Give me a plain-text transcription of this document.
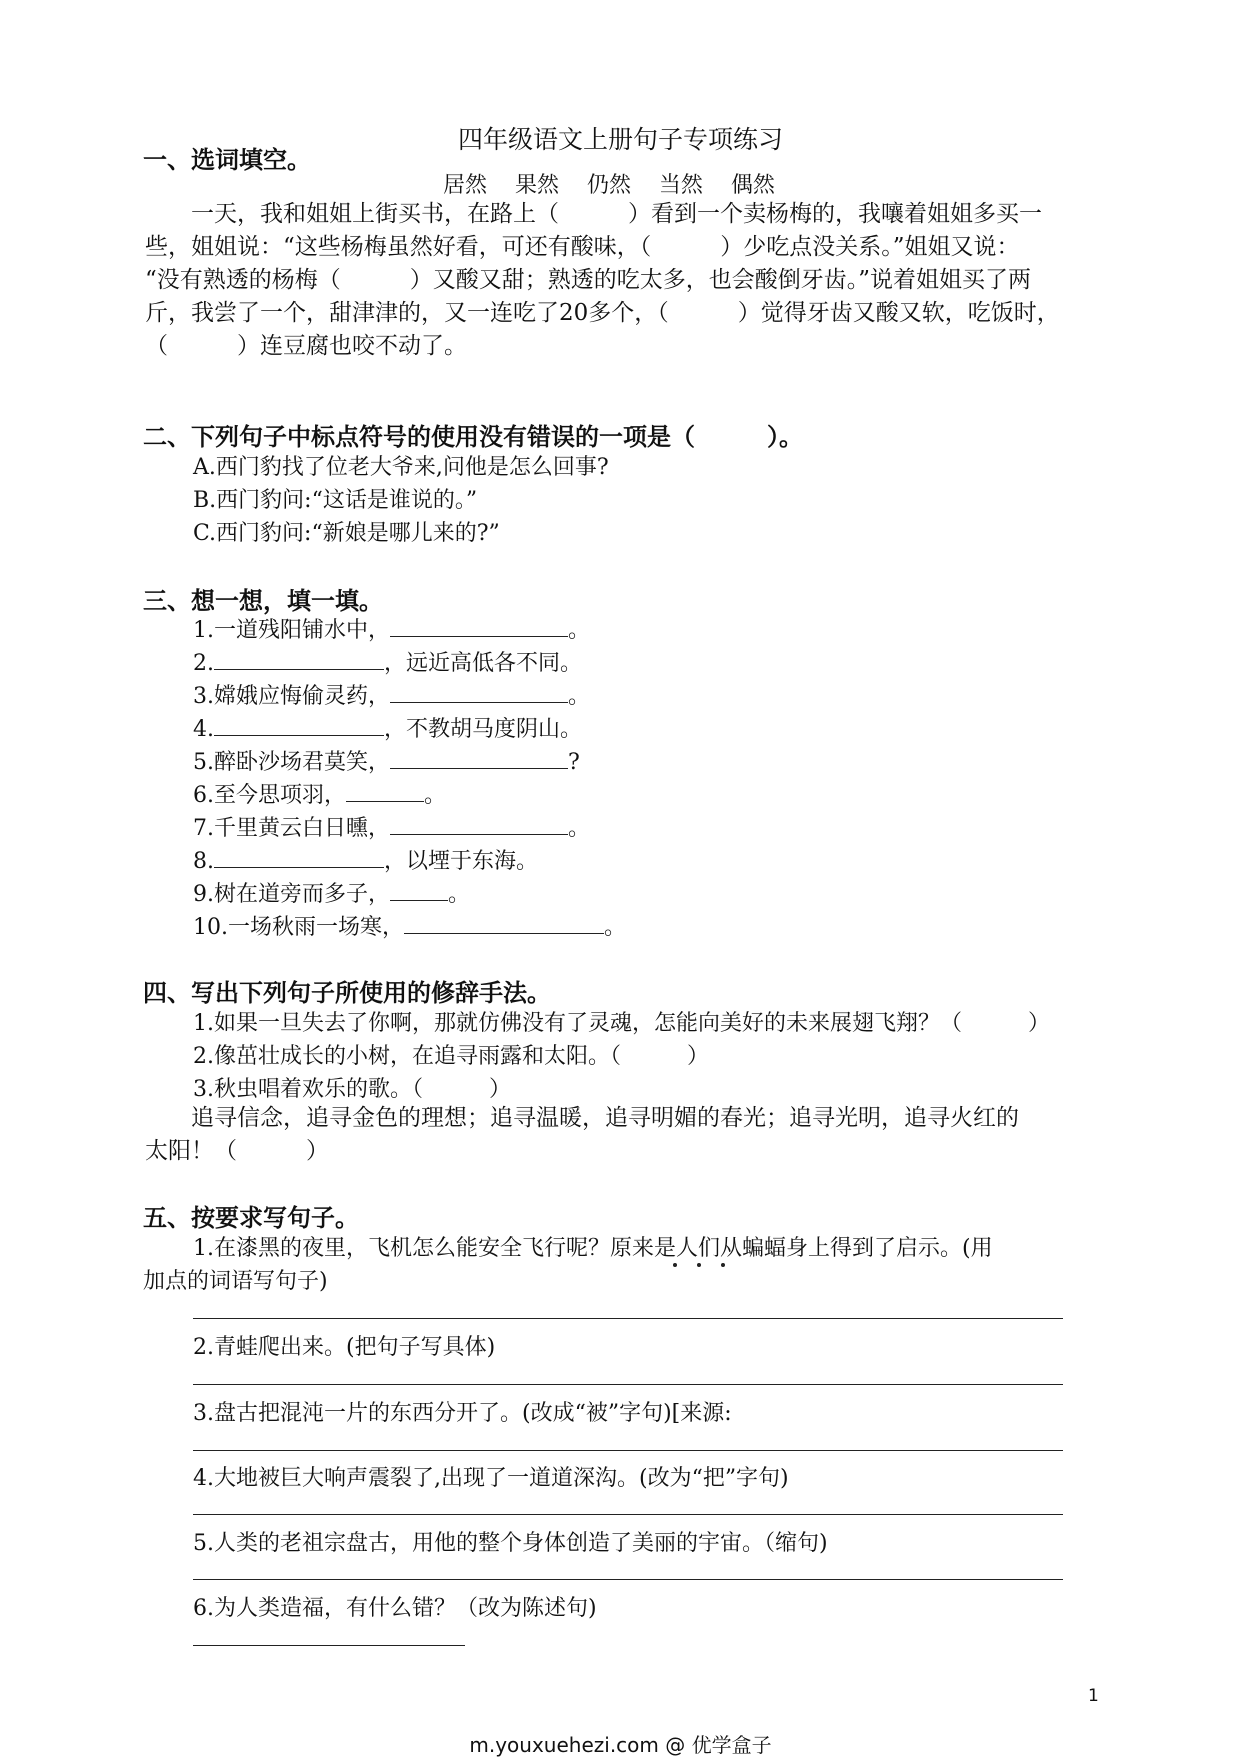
四年级语文上册句子专项练习
一、选词填空。
居然    果然    仍然    当然    偶然

　　一天，我和姐姐上街买书，在路上（　　　）看到一个卖杨梅的，我嚷着姐姐多买一

些，姐姐说：“这些杨梅虽然好看，可还有酸味，（　　　）少吃点没关系。”姐姐又说：

“没有熟透的杨梅（　　　）又酸又甜；熟透的吃太多，也会酸倒牙齿。”说着姐姐买了两

斤，我尝了一个，甜津津的，又一连吃了20多个，（　　　）觉得牙齿又酸又软，吃饭时，

（　　　）连豆腐也咬不动了。

二、下列句子中标点符号的使用没有错误的一项是（　　　）。
A.西门豹找了位老大爷来,问他是怎么回事?
B.西门豹问:“这话是谁说的。”
C.西门豹问:“新娘是哪儿来的?”
三、想一想，填一填。
1.一道残阳铺水中，	。
2.	，远近高低各不同。
3.嫦娥应悔偷灵药，	。
4.	，不教胡马度阴山。
5.醉卧沙场君莫笑，	?
6.至今思项羽，	。
7.千里黄云白日曛，	。
8.	，以堙于东海。
9.树在道旁而多子，	。
10.一场秋雨一场寒，	。
四、写出下列句子所使用的修辞手法。
1.如果一旦失去了你啊，那就仿佛没有了灵魂，怎能向美好的未来展翅飞翔？（　　　）
2.像茁壮成长的小树，在追寻雨露和太阳。（　　　）
3.秋虫唱着欢乐的歌。（　　　）

　　追寻信念，追寻金色的理想；追寻温暖，追寻明媚的春光；追寻光明，追寻火红的

太阳！（　　　）

五、按要求写句子。
1.在漆黑的夜里，飞机怎么能安全飞行呢？原来是人们从蝙蝠身上得到了启示。(用
加点的词语写句子)
2.青蛙爬出来。(把句子写具体)
3.盘古把混沌一片的东西分开了。(改成“被”字句)[来源:
4.大地被巨大响声震裂了,出现了一道道深沟。(改为“把”字句)
5.人类的老祖宗盘古，用他的整个身体创造了美丽的宇宙。（缩句)
6.为人类造福，有什么错？（改为陈述句)
1
m.youxuehezi.com @ 优学盒子
